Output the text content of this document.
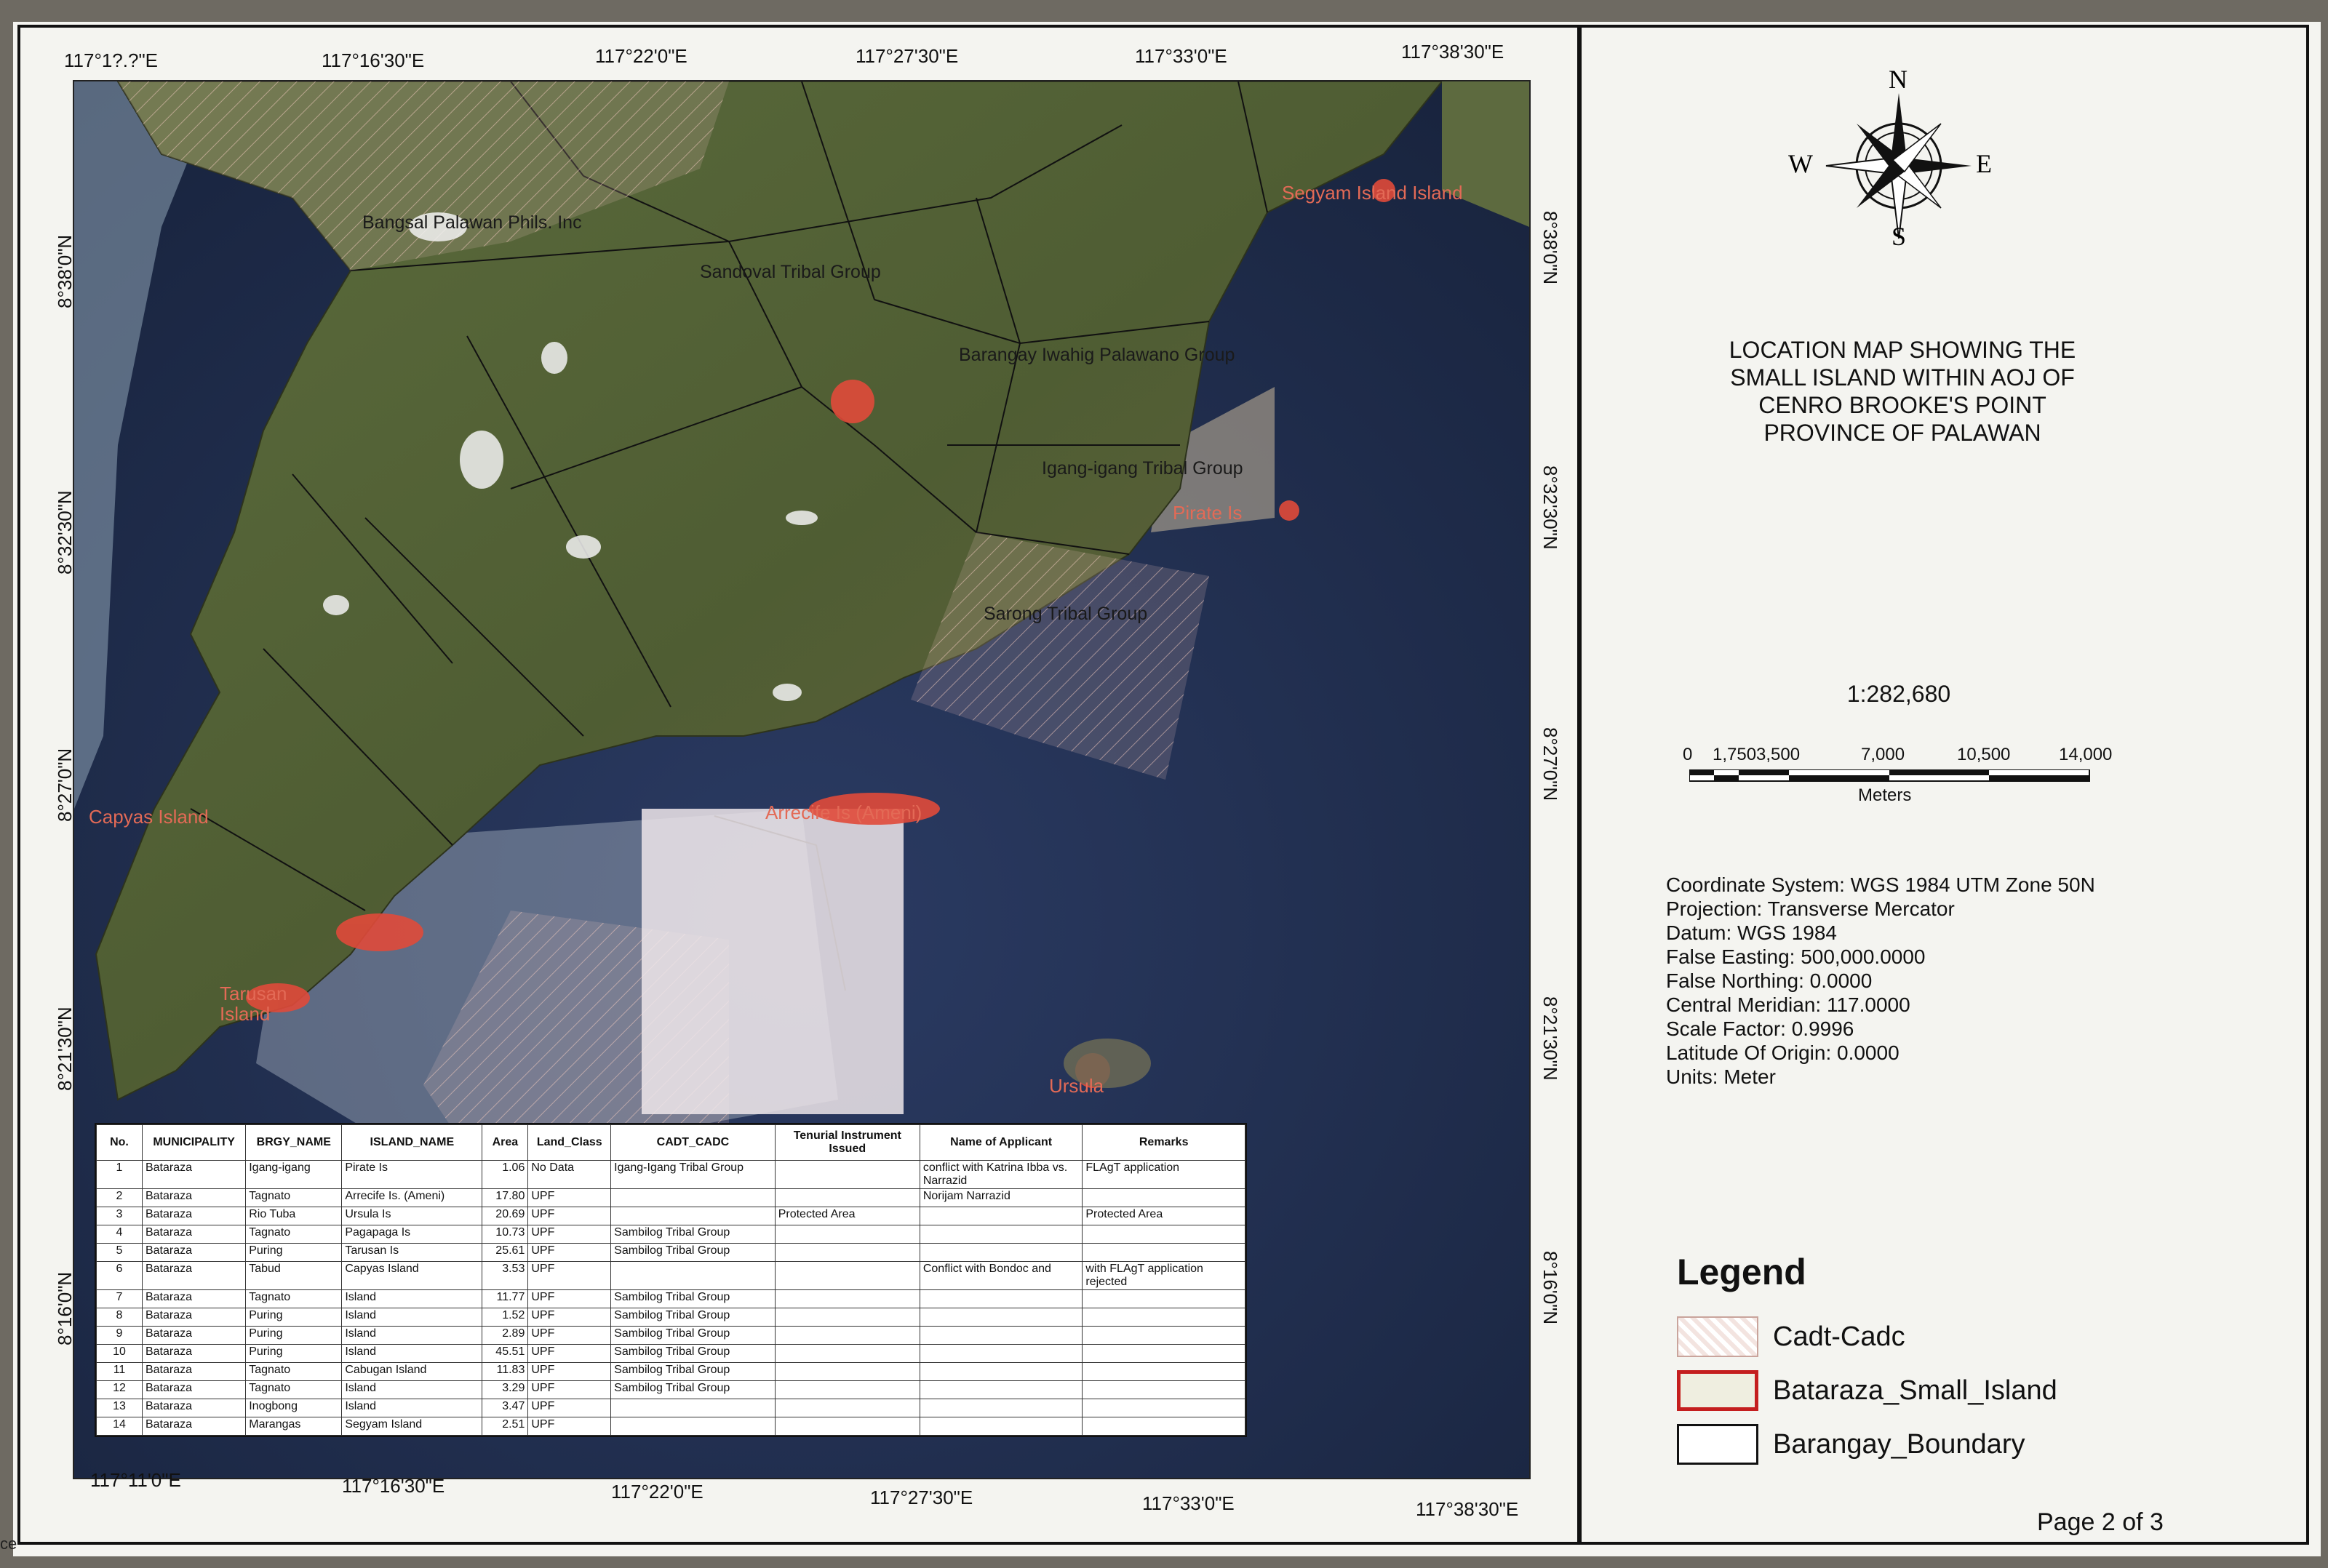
Bangsal Palawan Phils. Inc
Sandoval Tribal Group
Barangay Iwahig Palawano Group
Igang-igang Tribal Group
Sarong Tribal Group
Segyam Island Island
Pirate Is
Arrecife Is (Ameni)
Capyas Island
Tarusan Island
Ursula
117°1?.?"E	117°16'30"E	117°22'0"E	117°27'30"E	117°33'0"E	117°38'30"E
117°11'0"E	117°16'30"E	117°22'0"E	117°27'30"E	117°33'0"E	117°38'30"E
8°38'0"N
8°32'30"N
8°27'0"N
8°21'30"N
8°16'0"N
8°38'0"N
8°32'30"N
8°27'0"N
8°21'30"N
8°16'0"N
No.	MUNICIPALITY	BRGY_NAME	ISLAND_NAME	Area	Land_Class	CADT_CADC	Tenurial Instrument Issued	Name of Applicant	Remarks
1	Bataraza	Igang-igang	Pirate Is	1.06	No Data	Igang-Igang Tribal Group		conflict with Katrina Ibba vs. Narrazid	FLAgT application
2	Bataraza	Tagnato	Arrecife Is. (Ameni)	17.80	UPF			Norijam Narrazid	
3	Bataraza	Rio Tuba	Ursula Is	20.69	UPF		Protected Area		Protected Area
4	Bataraza	Tagnato	Pagapaga Is	10.73	UPF	Sambilog Tribal Group			
5	Bataraza	Puring	Tarusan Is	25.61	UPF	Sambilog Tribal Group			
6	Bataraza	Tabud	Capyas Island	3.53	UPF			Conflict with Bondoc and	with FLAgT application rejected
7	Bataraza	Tagnato	Island	11.77	UPF	Sambilog Tribal Group			
8	Bataraza	Puring	Island	1.52	UPF	Sambilog Tribal Group			
9	Bataraza	Puring	Island	2.89	UPF	Sambilog Tribal Group			
10	Bataraza	Puring	Island	45.51	UPF	Sambilog Tribal Group			
11	Bataraza	Tagnato	Cabugan Island	11.83	UPF	Sambilog Tribal Group			
12	Bataraza	Tagnato	Island	3.29	UPF	Sambilog Tribal Group			
13	Bataraza	Inogbong	Island	3.47	UPF				
14	Bataraza	Marangas	Segyam Island	2.51	UPF				
N
S
W	E
LOCATION MAP SHOWING THE
SMALL ISLAND WITHIN AOJ OF
CENRO BROOKE'S POINT
PROVINCE OF PALAWAN
1:282,680
0 1,750 3,500	7,000	10,500	14,000
Meters
Coordinate System: WGS 1984 UTM Zone 50N
Projection: Transverse Mercator
Datum: WGS 1984
False Easting: 500,000.0000
False Northing: 0.0000
Central Meridian: 117.0000
Scale Factor: 0.9996
Latitude Of Origin: 0.0000
Units: Meter
Legend
Cadt-Cadc
Bataraza_Small_Island
Barangay_Boundary
Page 2 of 3
ce
